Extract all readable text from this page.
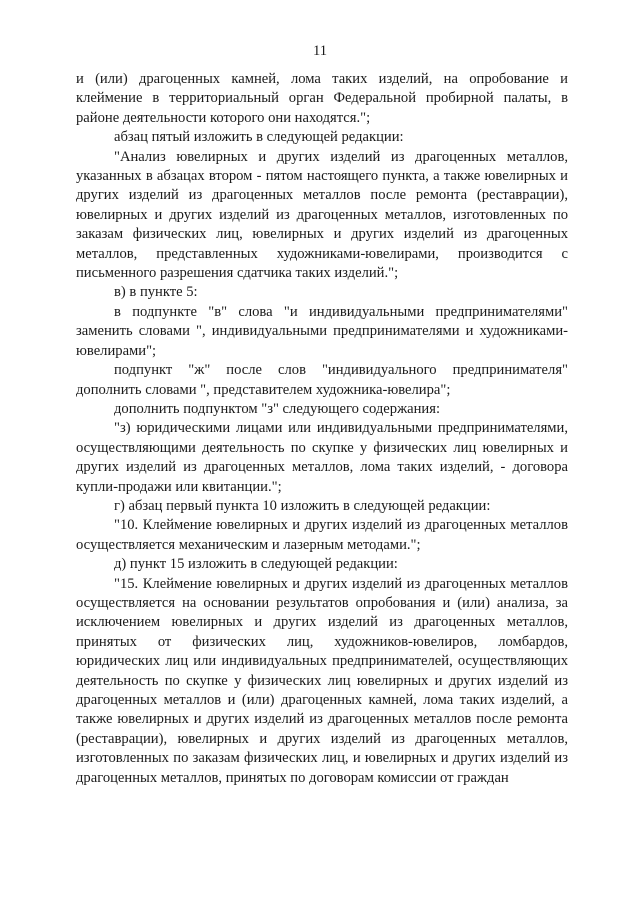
11

и (или) драгоценных камней, лома таких изделий, на опробование и клеймение в территориальный орган Федеральной пробирной палаты, в районе деятельности которого они находятся.";

абзац пятый изложить в следующей редакции:

"Анализ ювелирных и других изделий из драгоценных металлов, указанных в абзацах втором - пятом настоящего пункта, а также ювелирных и других изделий из драгоценных металлов после ремонта (реставрации), ювелирных и других изделий из драгоценных металлов, изготовленных по заказам физических лиц, ювелирных и других изделий из драгоценных металлов, представленных художниками-ювелирами, производится с письменного разрешения сдатчика таких изделий.";

в) в пункте 5:

в подпункте "в" слова "и индивидуальными предпринимателями" заменить словами ", индивидуальными предпринимателями и художниками-ювелирами";

подпункт "ж" после слов "индивидуального предпринимателя" дополнить словами ", представителем художника-ювелира";

дополнить подпунктом "з" следующего содержания:

"з) юридическими лицами или индивидуальными предпринимателями, осуществляющими деятельность по скупке у физических лиц ювелирных и других изделий из драгоценных металлов, лома таких изделий, - договора купли-продажи или квитанции.";

г) абзац первый пункта 10 изложить в следующей редакции:

"10. Клеймение ювелирных и других изделий из драгоценных металлов осуществляется механическим и лазерным методами.";

д) пункт 15 изложить в следующей редакции:

"15. Клеймение ювелирных и других изделий из драгоценных металлов осуществляется на основании результатов опробования и (или) анализа, за исключением ювелирных и других изделий из драгоценных металлов, принятых от физических лиц, художников-ювелиров, ломбардов, юридических лиц или индивидуальных предпринимателей, осуществляющих деятельность по скупке у физических лиц ювелирных и других изделий из драгоценных металлов и (или) драгоценных камней, лома таких изделий, а также ювелирных и других изделий из драгоценных металлов после ремонта (реставрации), ювелирных и других изделий из драгоценных металлов, изготовленных по заказам физических лиц, и ювелирных и других изделий из драгоценных металлов, принятых по договорам комиссии от граждан
